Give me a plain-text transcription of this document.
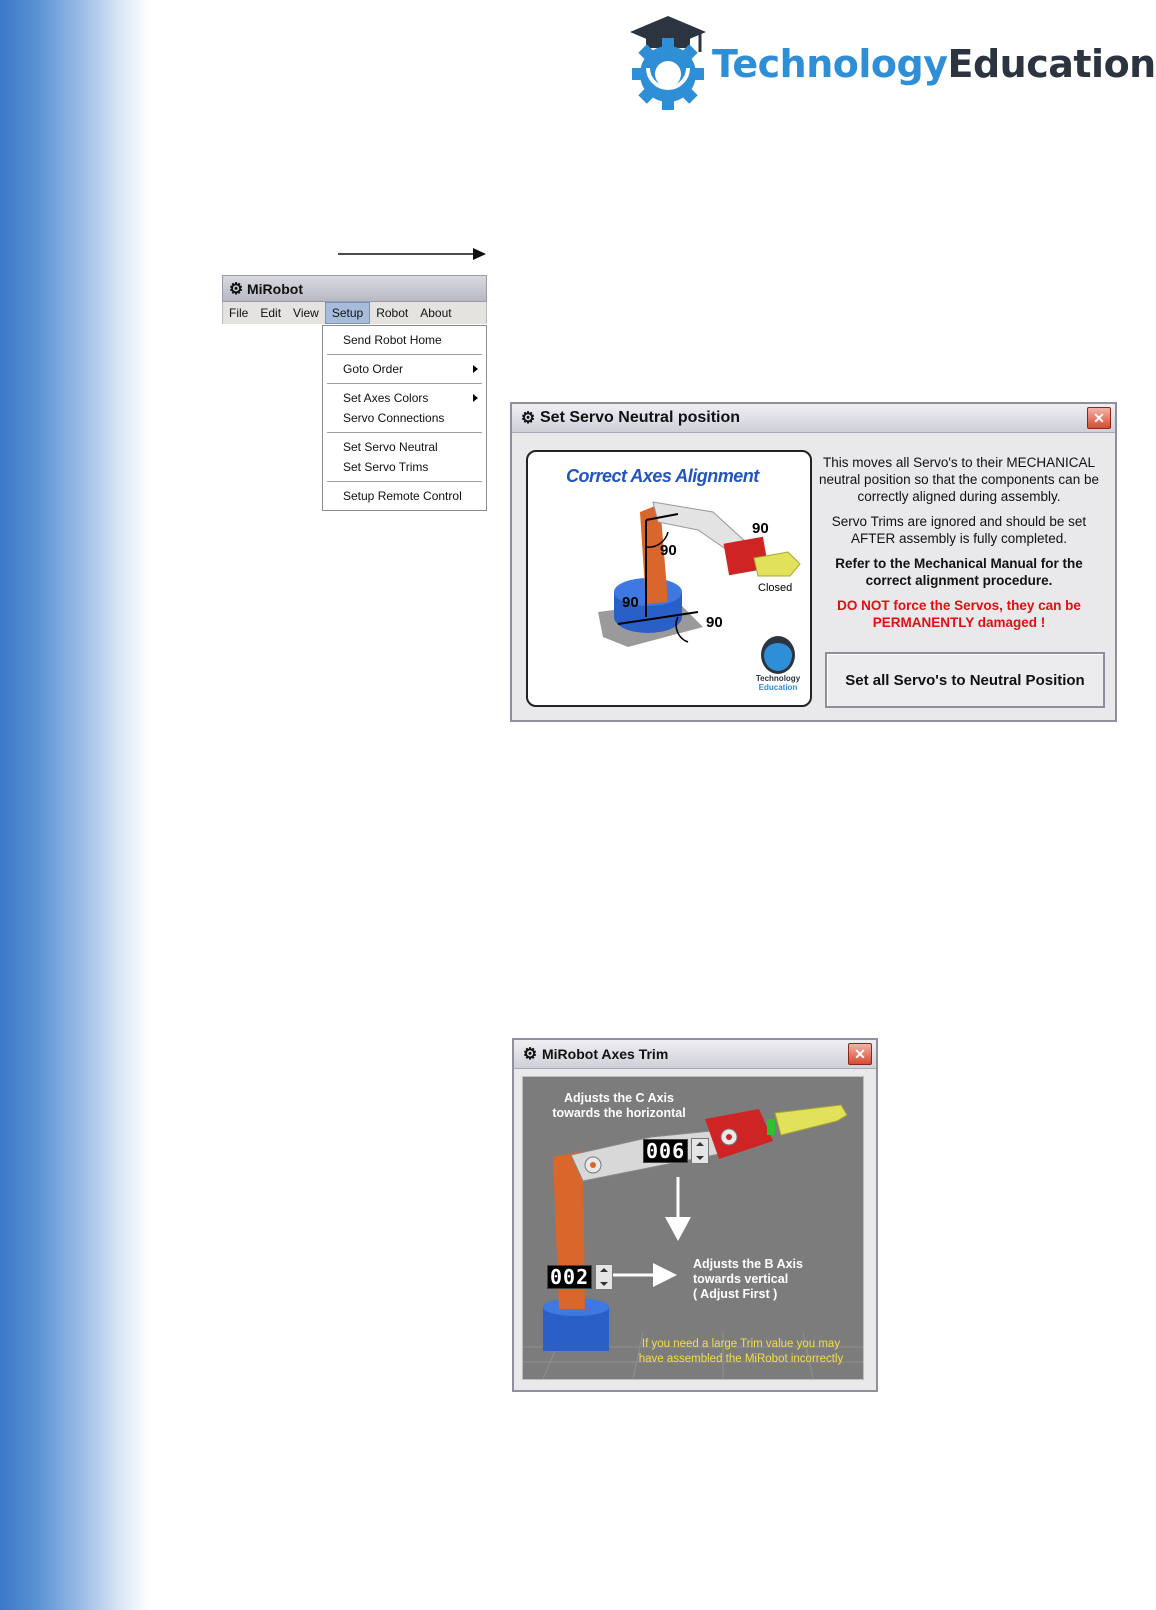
TechnologyEducation
⚙ MiRobot
File	Edit	View	Setup	Robot	About
Send Robot Home
Goto Order
Set Axes Colors
Servo Connections
Set Servo Neutral
Set Servo Trims
Setup Remote Control
⚙ Set Servo Neutral position	✕
Correct Axes Alignment
90
90
90
90
Closed
Technology
Education

This moves all Servo's to their MECHANICAL neutral position so that the components can be correctly aligned during assembly.

Servo Trims are ignored and should be set AFTER assembly is fully completed.

Refer to the Mechanical Manual for the correct alignment procedure.

DO NOT force the Servos, they can be PERMANENTLY damaged !

Set all Servo's to Neutral Position
⚙ MiRobot Axes Trim	✕
Adjusts the C Axis
towards the horizontal
006
002
Adjusts the B Axis
towards vertical
( Adjust First )
If you need a large Trim value you may
have assembled the MiRobot incorrectly
